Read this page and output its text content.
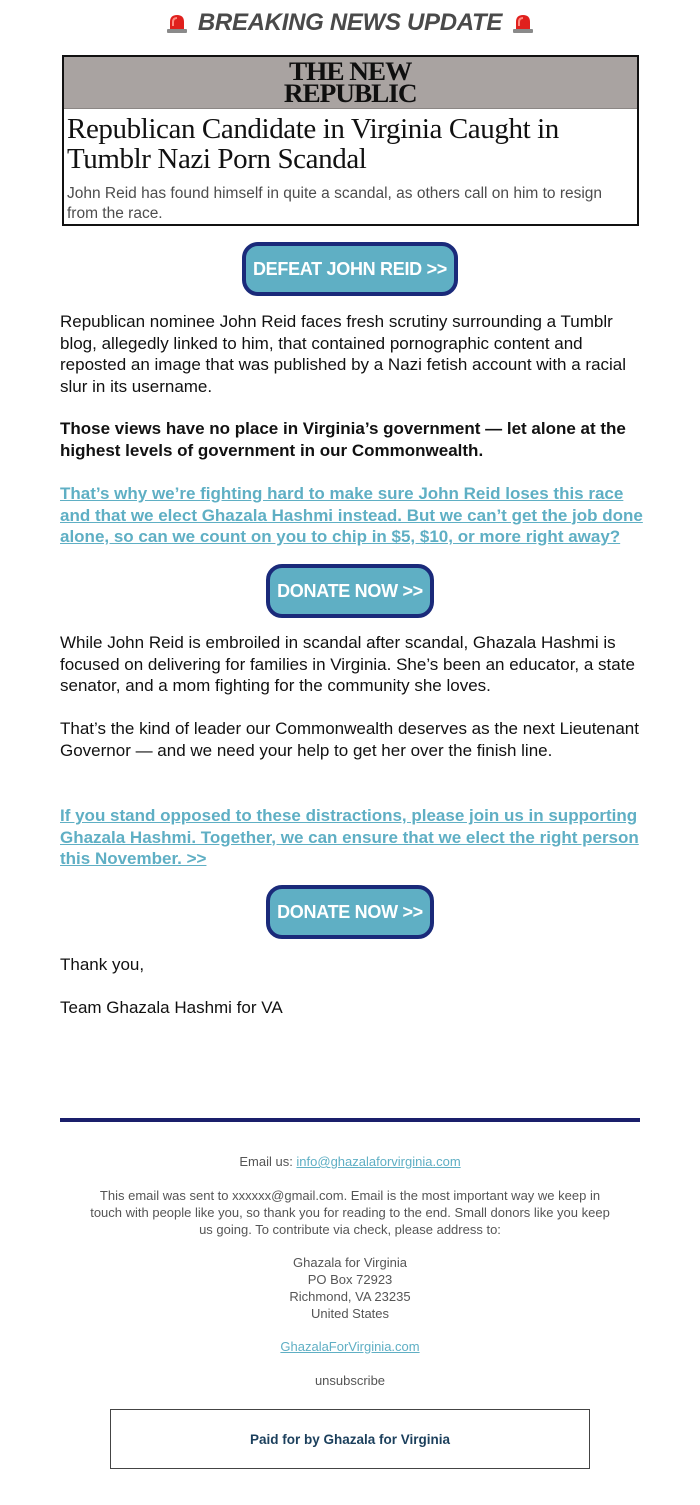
BREAKING NEWS UPDATE
THE NEW
REPUBLIC
Republican Candidate in Virginia Caught in Tumblr Nazi Porn Scandal
John Reid has found himself in quite a scandal, as others call on him to resign from the race.
DEFEAT JOHN REID >>

Republican nominee John Reid faces fresh scrutiny surrounding a Tumblr blog, allegedly linked to him, that contained pornographic content and reposted an image that was published by a Nazi fetish account with a racial slur in its username.

Those views have no place in Virginia’s government — let alone at the highest levels of government in our Commonwealth.

That’s why we’re fighting hard to make sure John Reid loses this race and that we elect Ghazala Hashmi instead. But we can’t get the job done alone, so can we count on you to chip in $5, $10, or more right away?

DONATE NOW >>

While John Reid is embroiled in scandal after scandal, Ghazala Hashmi is focused on delivering for families in Virginia. She’s been an educator, a state senator, and a mom fighting for the community she loves.

That’s the kind of leader our Commonwealth deserves as the next Lieutenant Governor — and we need your help to get her over the finish line.

If you stand opposed to these distractions, please join us in supporting Ghazala Hashmi. Together, we can ensure that we elect the right person this November. >>

DONATE NOW >>

Thank you,

Team Ghazala Hashmi for VA

Email us: info@ghazalaforvirginia.com

This email was sent to xxxxxx@gmail.com. Email is the most important way we keep in touch with people like you, so thank you for reading to the end. Small donors like you keep us going. To contribute via check, please address to:

Ghazala for Virginia
PO Box 72923
Richmond, VA 23235
United States

GhazalaForVirginia.com

unsubscribe

Paid for by Ghazala for Virginia
